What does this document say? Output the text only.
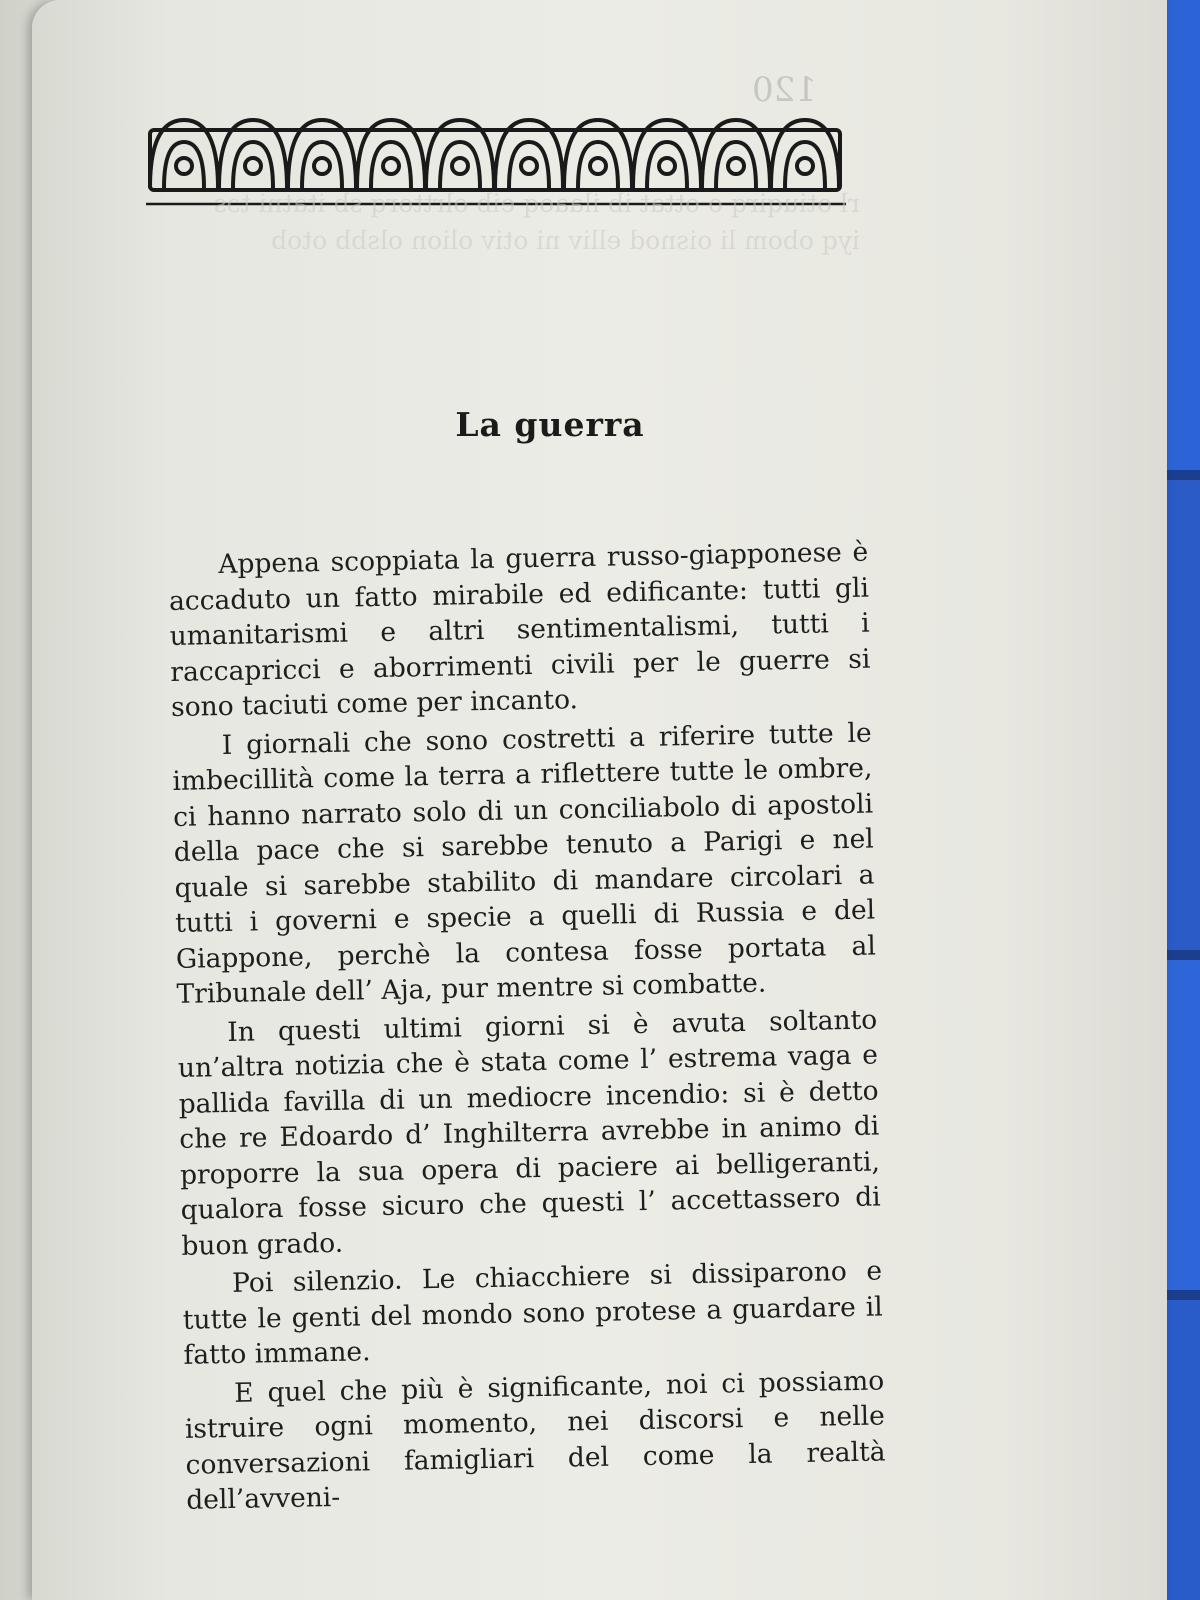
120
rl otiuqirq o ottat ib ilaaoq eib olrttorq sb itatni tɔs
iyq obom li oisnod elliv ni otiv olion olsbb otob

La guerra

Appena scoppiata la guerra russo-giapponese è accaduto un fatto mirabile ed edificante: tutti gli umanitarismi e altri sentimentalismi, tutti i raccapricci e aborrimenti civili per le guerre si sono taciuti come per incanto.

I giornali che sono costretti a riferire tutte le imbecillità come la terra a riflettere tutte le ombre, ci hanno narrato solo di un conciliabolo di apostoli della pace che si sarebbe tenuto a Parigi e nel quale si sarebbe stabilito di mandare circolari a tutti i governi e specie a quelli di Russia e del Giappone, perchè la contesa fosse portata al Tribunale dell’ Aja, pur mentre si combatte.

In questi ultimi giorni si è avuta soltanto un’altra notizia che è stata come l’ estrema vaga e pallida favilla di un mediocre incendio: si è detto che re Edoardo d’ Inghilterra avrebbe in animo di proporre la sua opera di paciere ai belligeranti, qualora fosse sicuro che questi l’ accettassero di buon grado.

Poi silenzio. Le chiacchiere si dissiparono e tutte le genti del mondo sono protese a guardare il fatto immane.

E quel che più è significante, noi ci possiamo istruire ogni momento, nei discorsi e nelle conversazioni famigliari del come la realtà dell’avveni-
